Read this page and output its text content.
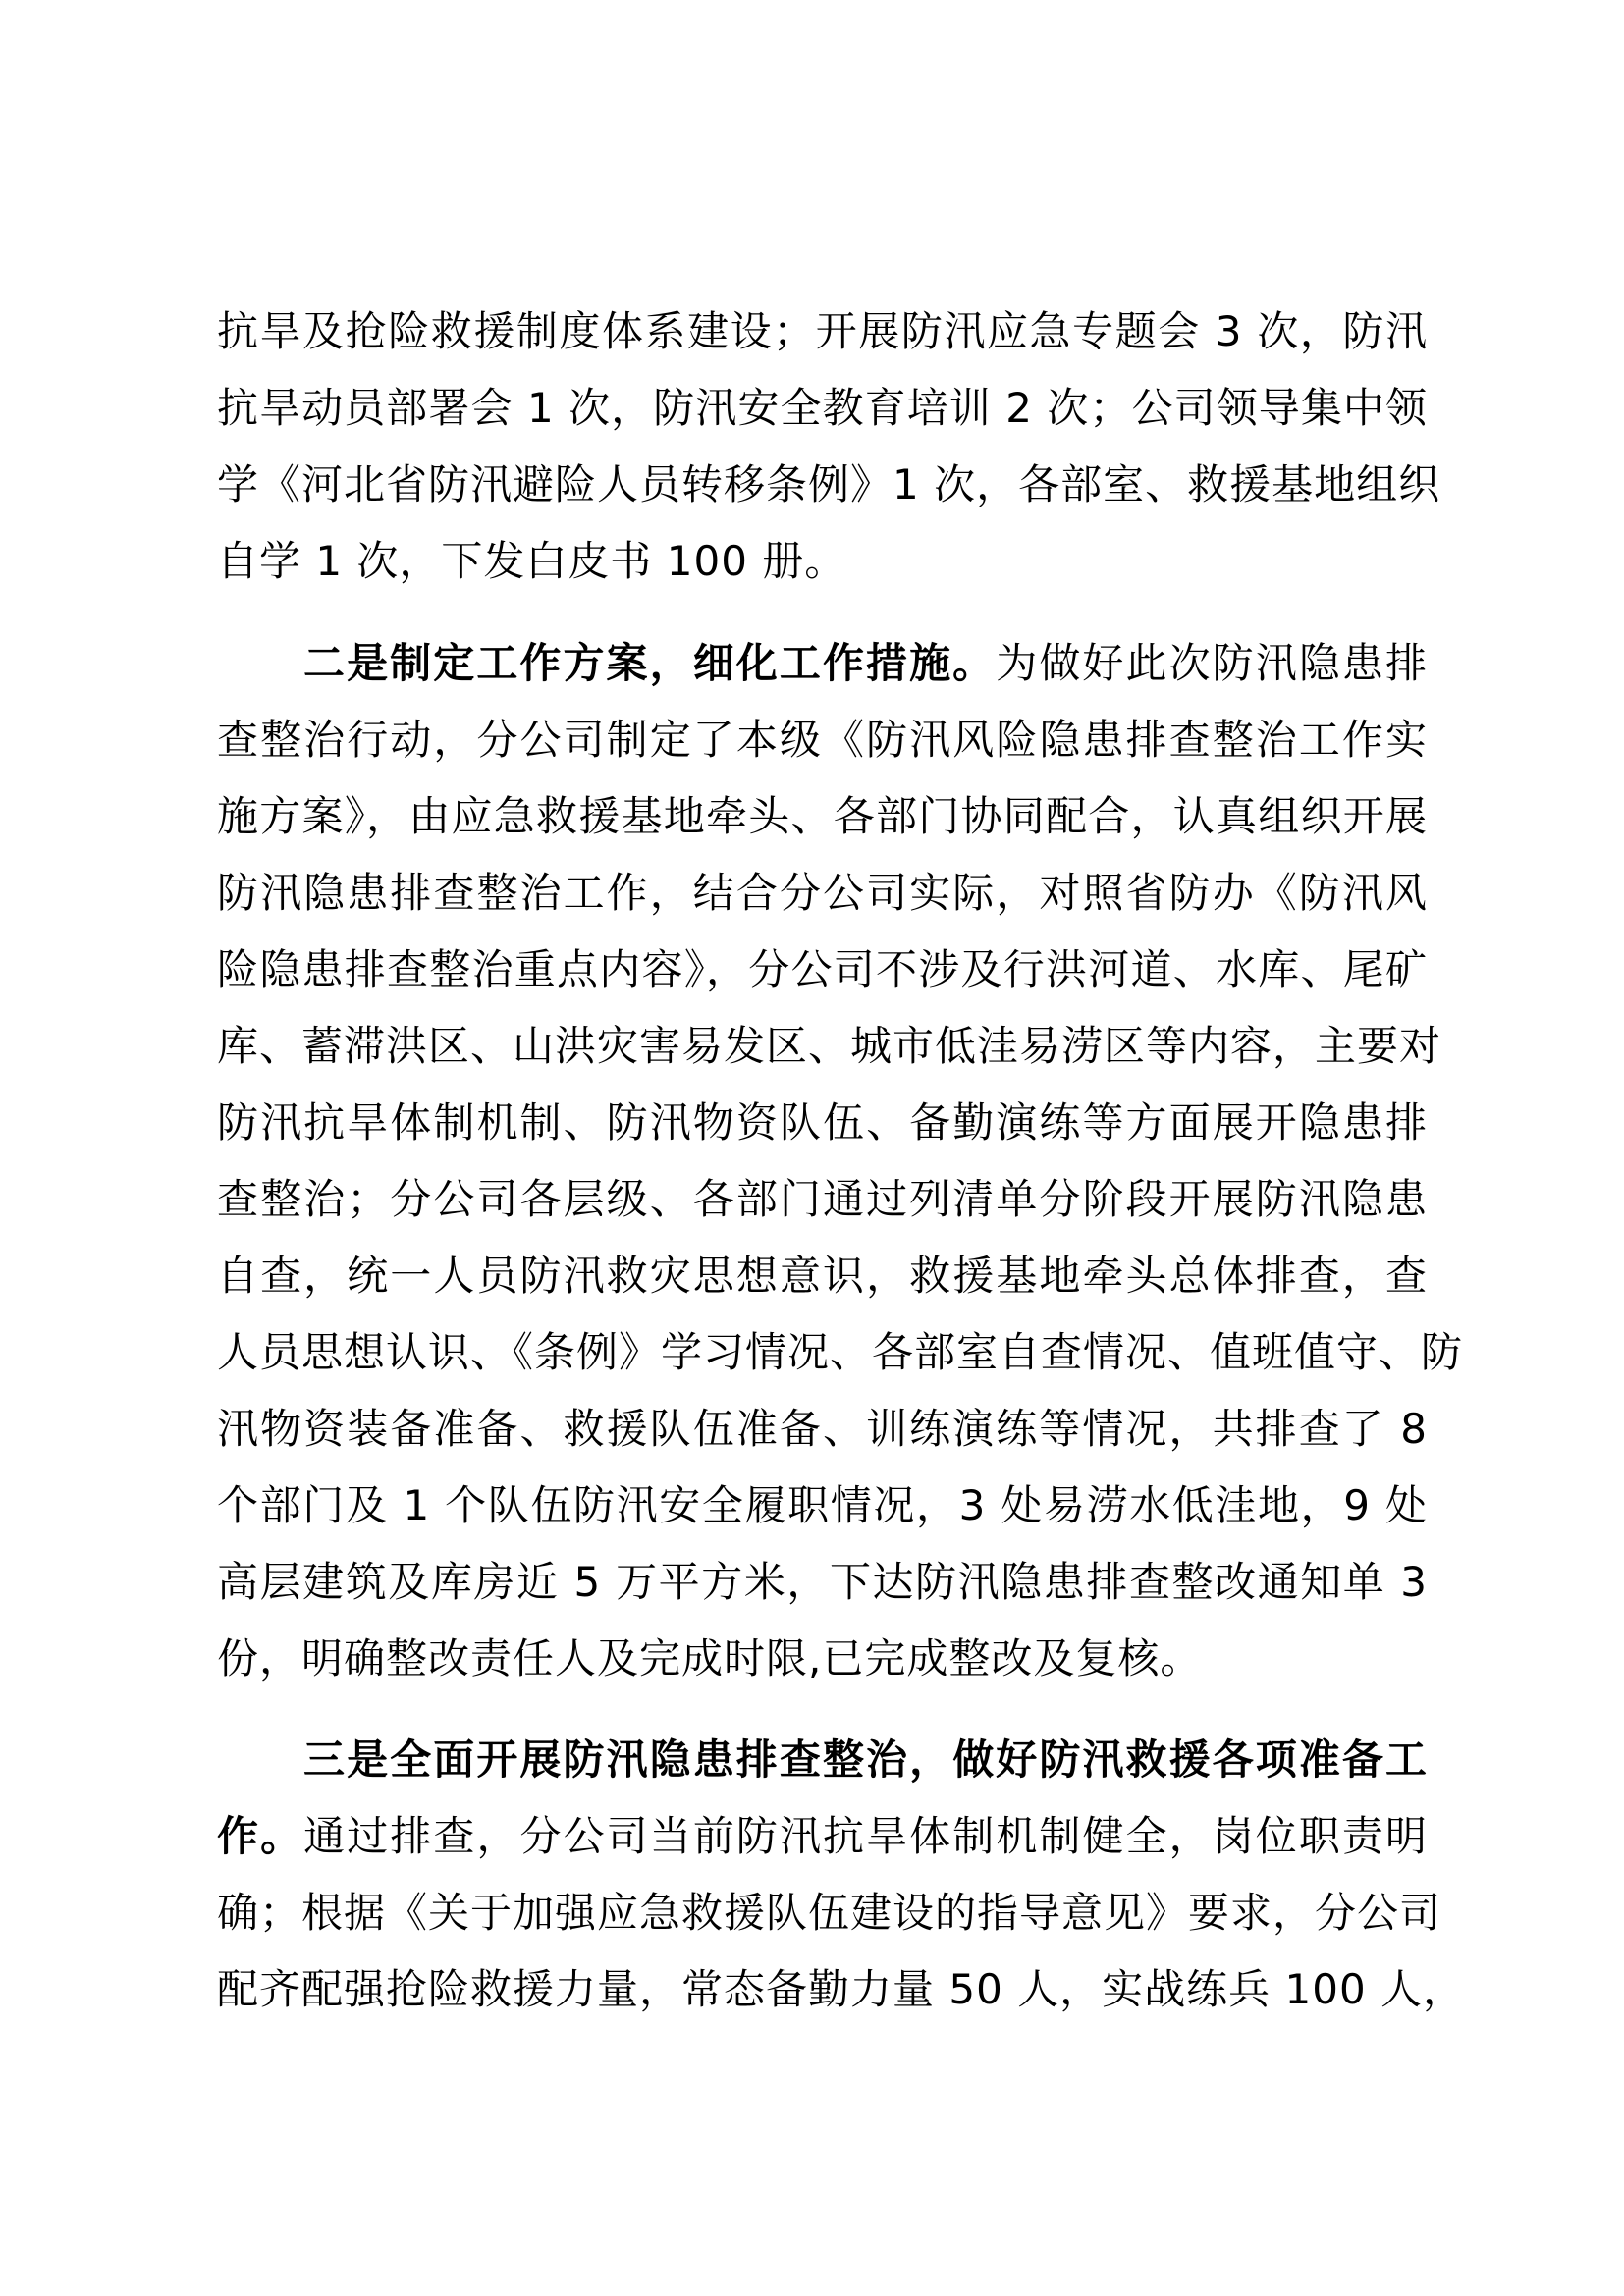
抗旱及抢险救援制度体系建设；开展防汛应急专题会 3 次，防汛
抗旱动员部署会 1 次，防汛安全教育培训 2 次；公司领导集中领
学《河北省防汛避险人员转移条例》1 次，各部室、救援基地组织
自学 1 次，下发白皮书 100 册。
二是制定工作方案，细化工作措施。为做好此次防汛隐患排
查整治行动，分公司制定了本级《防汛风险隐患排查整治工作实
施方案》，由应急救援基地牵头、各部门协同配合，认真组织开展
防汛隐患排查整治工作，结合分公司实际，对照省防办《防汛风
险隐患排查整治重点内容》，分公司不涉及行洪河道、水库、尾矿
库、蓄滞洪区、山洪灾害易发区、城市低洼易涝区等内容，主要对
防汛抗旱体制机制、防汛物资队伍、备勤演练等方面展开隐患排
查整治；分公司各层级、各部门通过列清单分阶段开展防汛隐患
自查，统一人员防汛救灾思想意识，救援基地牵头总体排查，查
人员思想认识、《条例》学习情况、各部室自查情况、值班值守、防
汛物资装备准备、救援队伍准备、训练演练等情况，共排查了 8
个部门及 1 个队伍防汛安全履职情况，3 处易涝水低洼地，9 处
高层建筑及库房近 5 万平方米，下达防汛隐患排查整改通知单 3
份，明确整改责任人及完成时限,已完成整改及复核。
三是全面开展防汛隐患排查整治，做好防汛救援各项准备工
作。通过排查，分公司当前防汛抗旱体制机制健全，岗位职责明
确；根据《关于加强应急救援队伍建设的指导意见》要求，分公司
配齐配强抢险救援力量，常态备勤力量 50 人，实战练兵 100 人，
